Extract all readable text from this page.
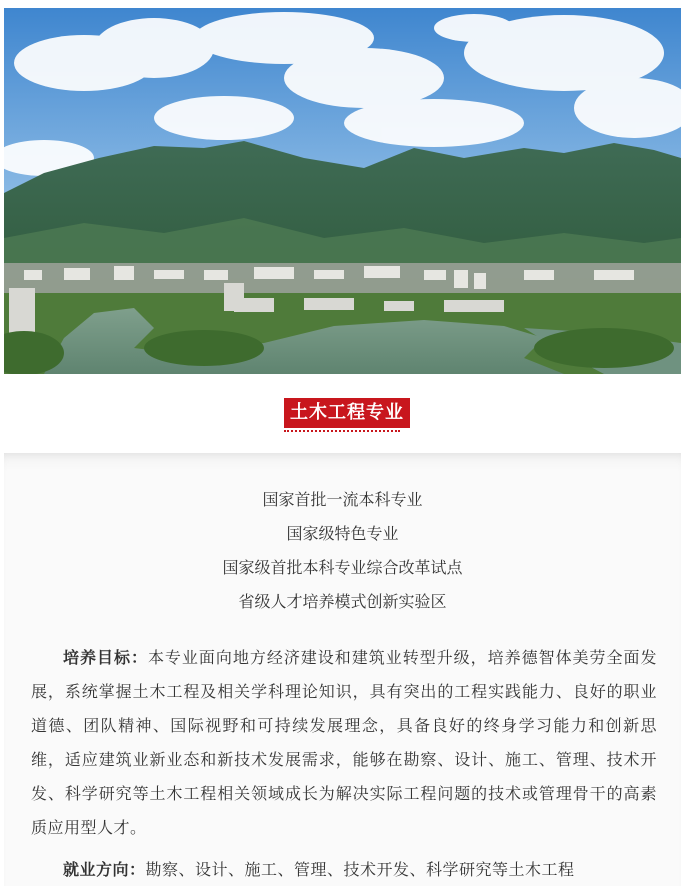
土木工程专业
国家首批一流本科专业
国家级特色专业
国家级首批本科专业综合改革试点
省级人才培养模式创新实验区
培养目标：本专业面向地方经济建设和建筑业转型升级，培养德智体美劳全面发展，系统掌握土木工程及相关学科理论知识，具有突出的工程实践能力、良好的职业道德、团队精神、国际视野和可持续发展理念，具备良好的终身学习能力和创新思维，适应建筑业新业态和新技术发展需求，能够在勘察、设计、施工、管理、技术开发、科学研究等土木工程相关领域成长为解决实际工程问题的技术或管理骨干的高素质应用型人才。
就业方向：勘察、设计、施工、管理、技术开发、科学研究等土木工程
